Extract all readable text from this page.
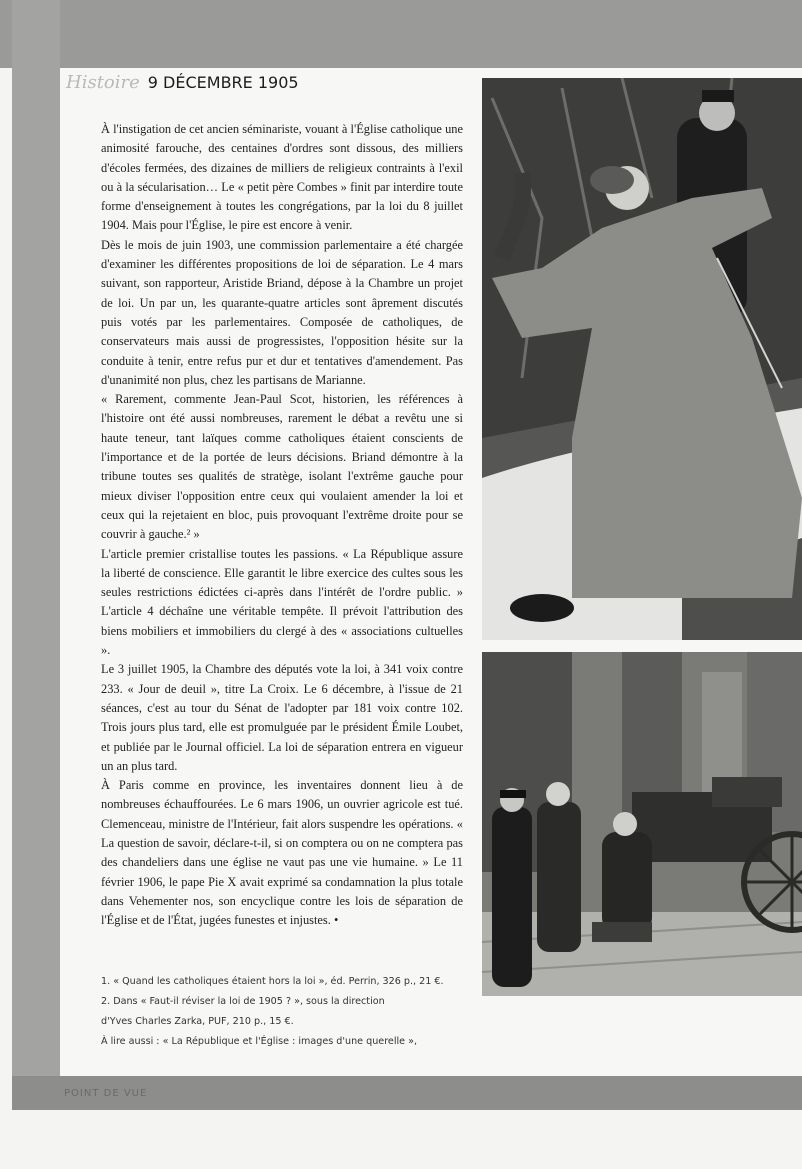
POINT DE VUE
Histoire 9 DÉCEMBRE 1905

À l'instigation de cet ancien séminariste, vouant à l'Église catholique une animosité farouche, des centaines d'ordres sont dissous, des milliers d'écoles fermées, des dizaines de milliers de religieux contraints à l'exil ou à la sécularisation… Le « petit père Combes » finit par interdire toute forme d'enseignement à toutes les congrégations, par la loi du 8 juillet 1904. Mais pour l'Église, le pire est encore à venir.

Dès le mois de juin 1903, une commission parlementaire a été chargée d'examiner les différentes propositions de loi de séparation. Le 4 mars suivant, son rapporteur, Aristide Briand, dépose à la Chambre un projet de loi. Un par un, les quarante-quatre articles sont âprement discutés puis votés par les parlementaires. Composée de catholiques, de conservateurs mais aussi de progressistes, l'opposition hésite sur la conduite à tenir, entre refus pur et dur et tentatives d'amendement. Pas d'unanimité non plus, chez les partisans de Marianne.

« Rarement, commente Jean-Paul Scot, historien, les références à l'histoire ont été aussi nombreuses, rarement le débat a revêtu une si haute teneur, tant laïques comme catholiques étaient conscients de l'importance et de la portée de leurs décisions. Briand démontre à la tribune toutes ses qualités de stratège, isolant l'extrême gauche pour mieux diviser l'opposition entre ceux qui voulaient amender la loi et ceux qui la rejetaient en bloc, puis provoquant l'extrême droite pour se couvrir à gauche.² »

L'article premier cristallise toutes les passions. « La République assure la liberté de conscience. Elle garantit le libre exercice des cultes sous les seules restrictions édictées ci-après dans l'intérêt de l'ordre public. » L'article 4 déchaîne une véritable tempête. Il prévoit l'attribution des biens mobiliers et immobiliers du clergé à des « associations cultuelles ».

Le 3 juillet 1905, la Chambre des députés vote la loi, à 341 voix contre 233. « Jour de deuil », titre La Croix. Le 6 décembre, à l'issue de 21 séances, c'est au tour du Sénat de l'adopter par 181 voix contre 102. Trois jours plus tard, elle est promulguée par le président Émile Loubet, et publiée par le Journal officiel. La loi de séparation entrera en vigueur un an plus tard.

À Paris comme en province, les inventaires donnent lieu à de nombreuses échauffourées. Le 6 mars 1906, un ouvrier agricole est tué. Clemenceau, ministre de l'Intérieur, fait alors suspendre les opérations. « La question de savoir, déclare-t-il, si on comptera ou on ne comptera pas des chandeliers dans une église ne vaut pas une vie humaine. » Le 11 février 1906, le pape Pie X avait exprimé sa condamnation la plus totale dans Vehementer nos, son encyclique contre les lois de séparation de l'Église et de l'État, jugées funestes et injustes. •

1. « Quand les catholiques étaient hors la loi », éd. Perrin, 326 p., 21 €.
2. Dans « Faut-il réviser la loi de 1905 ? », sous la direction
d'Yves Charles Zarka, PUF, 210 p., 15 €.
À lire aussi : « La République et l'Église : images d'une querelle »,
